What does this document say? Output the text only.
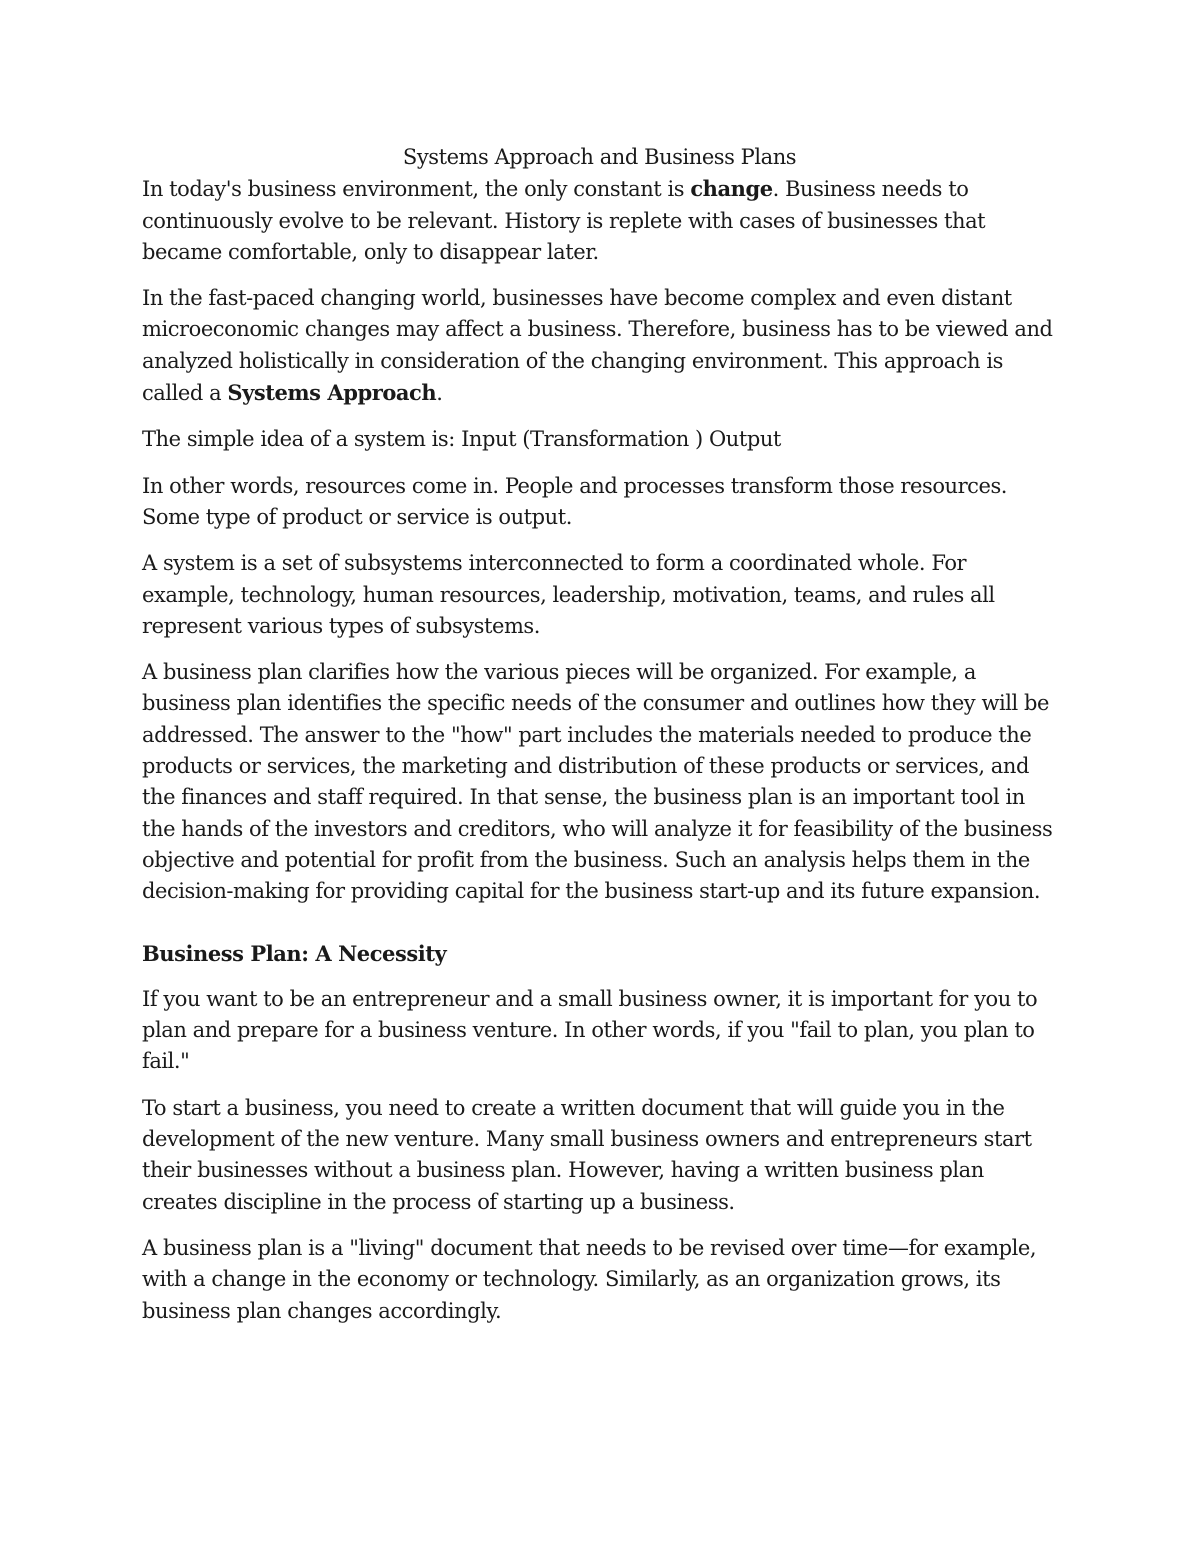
Systems Approach and Business Plans

In today's business environment, the only constant is change. Business needs to continuously evolve to be relevant. History is replete with cases of businesses that became comfortable, only to disappear later.

In the fast-paced changing world, businesses have become complex and even distant microeconomic changes may affect a business. Therefore, business has to be viewed and analyzed holistically in consideration of the changing environment. This approach is called a Systems Approach.

The simple idea of a system is: Input (Transformation ) Output

In other words, resources come in. People and processes transform those resources. Some type of product or service is output.

A system is a set of subsystems interconnected to form a coordinated whole. For example, technology, human resources, leadership, motivation, teams, and rules all represent various types of subsystems.

A business plan clarifies how the various pieces will be organized. For example, a business plan identifies the specific needs of the consumer and outlines how they will be addressed. The answer to the "how" part includes the materials needed to produce the products or services, the marketing and distribution of these products or services, and the finances and staff required. In that sense, the business plan is an important tool in the hands of the investors and creditors, who will analyze it for feasibility of the business objective and potential for profit from the business. Such an analysis helps them in the decision-making for providing capital for the business start-up and its future expansion.

Business Plan: A Necessity

If you want to be an entrepreneur and a small business owner, it is important for you to plan and prepare for a business venture. In other words, if you "fail to plan, you plan to fail."

To start a business, you need to create a written document that will guide you in the development of the new venture. Many small business owners and entrepreneurs start their businesses without a business plan. However, having a written business plan creates discipline in the process of starting up a business.

A business plan is a "living" document that needs to be revised over time—for example, with a change in the economy or technology. Similarly, as an organization grows, its business plan changes accordingly.
